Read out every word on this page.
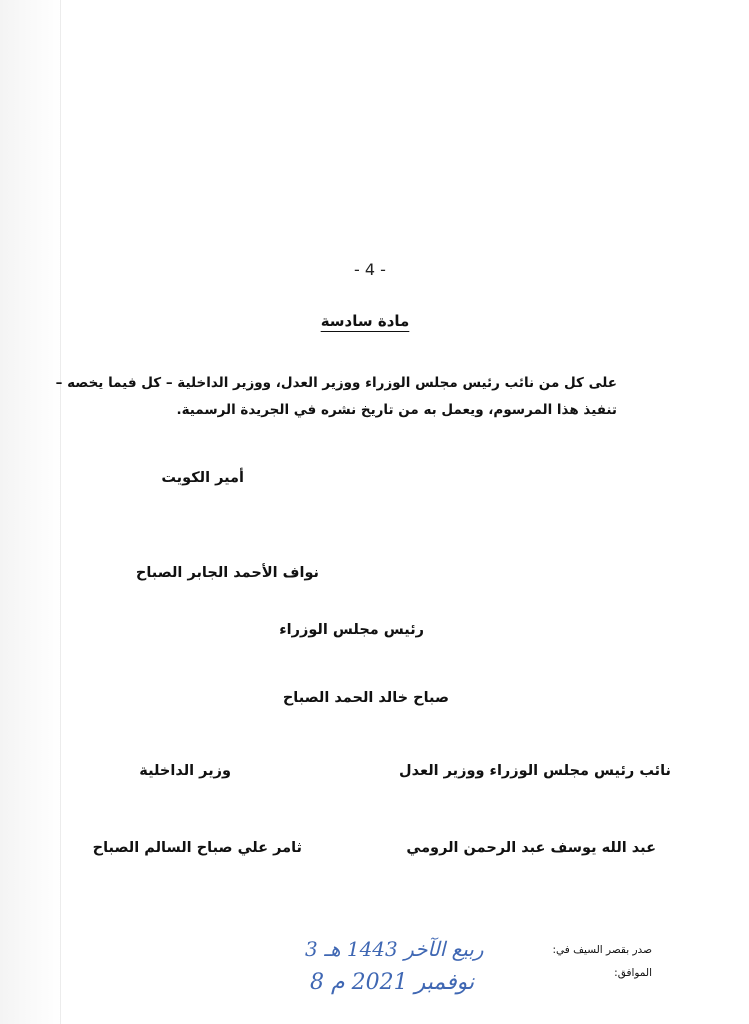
- 4 -
مادة سادسة
على كل من نائب رئيس مجلس الوزراء ووزير العدل، ووزير الداخلية – كل فيما يخصه –
تنفيذ هذا المرسوم، ويعمل به من تاريخ نشره في الجريدة الرسمية.
أمير الكويت
نواف الأحمد الجابر الصباح
رئيس مجلس الوزراء
صباح خالد الحمد الصباح
نائب رئيس مجلس الوزراء ووزير العدل
وزير الداخلية
عبد الله يوسف عبد الرحمن الرومي
ثامر علي صباح السالم الصباح
صدر بقصر السيف في:
الموافق:
3 ربيع الآخر 1443 هـ
8 نوفمبر 2021 م
